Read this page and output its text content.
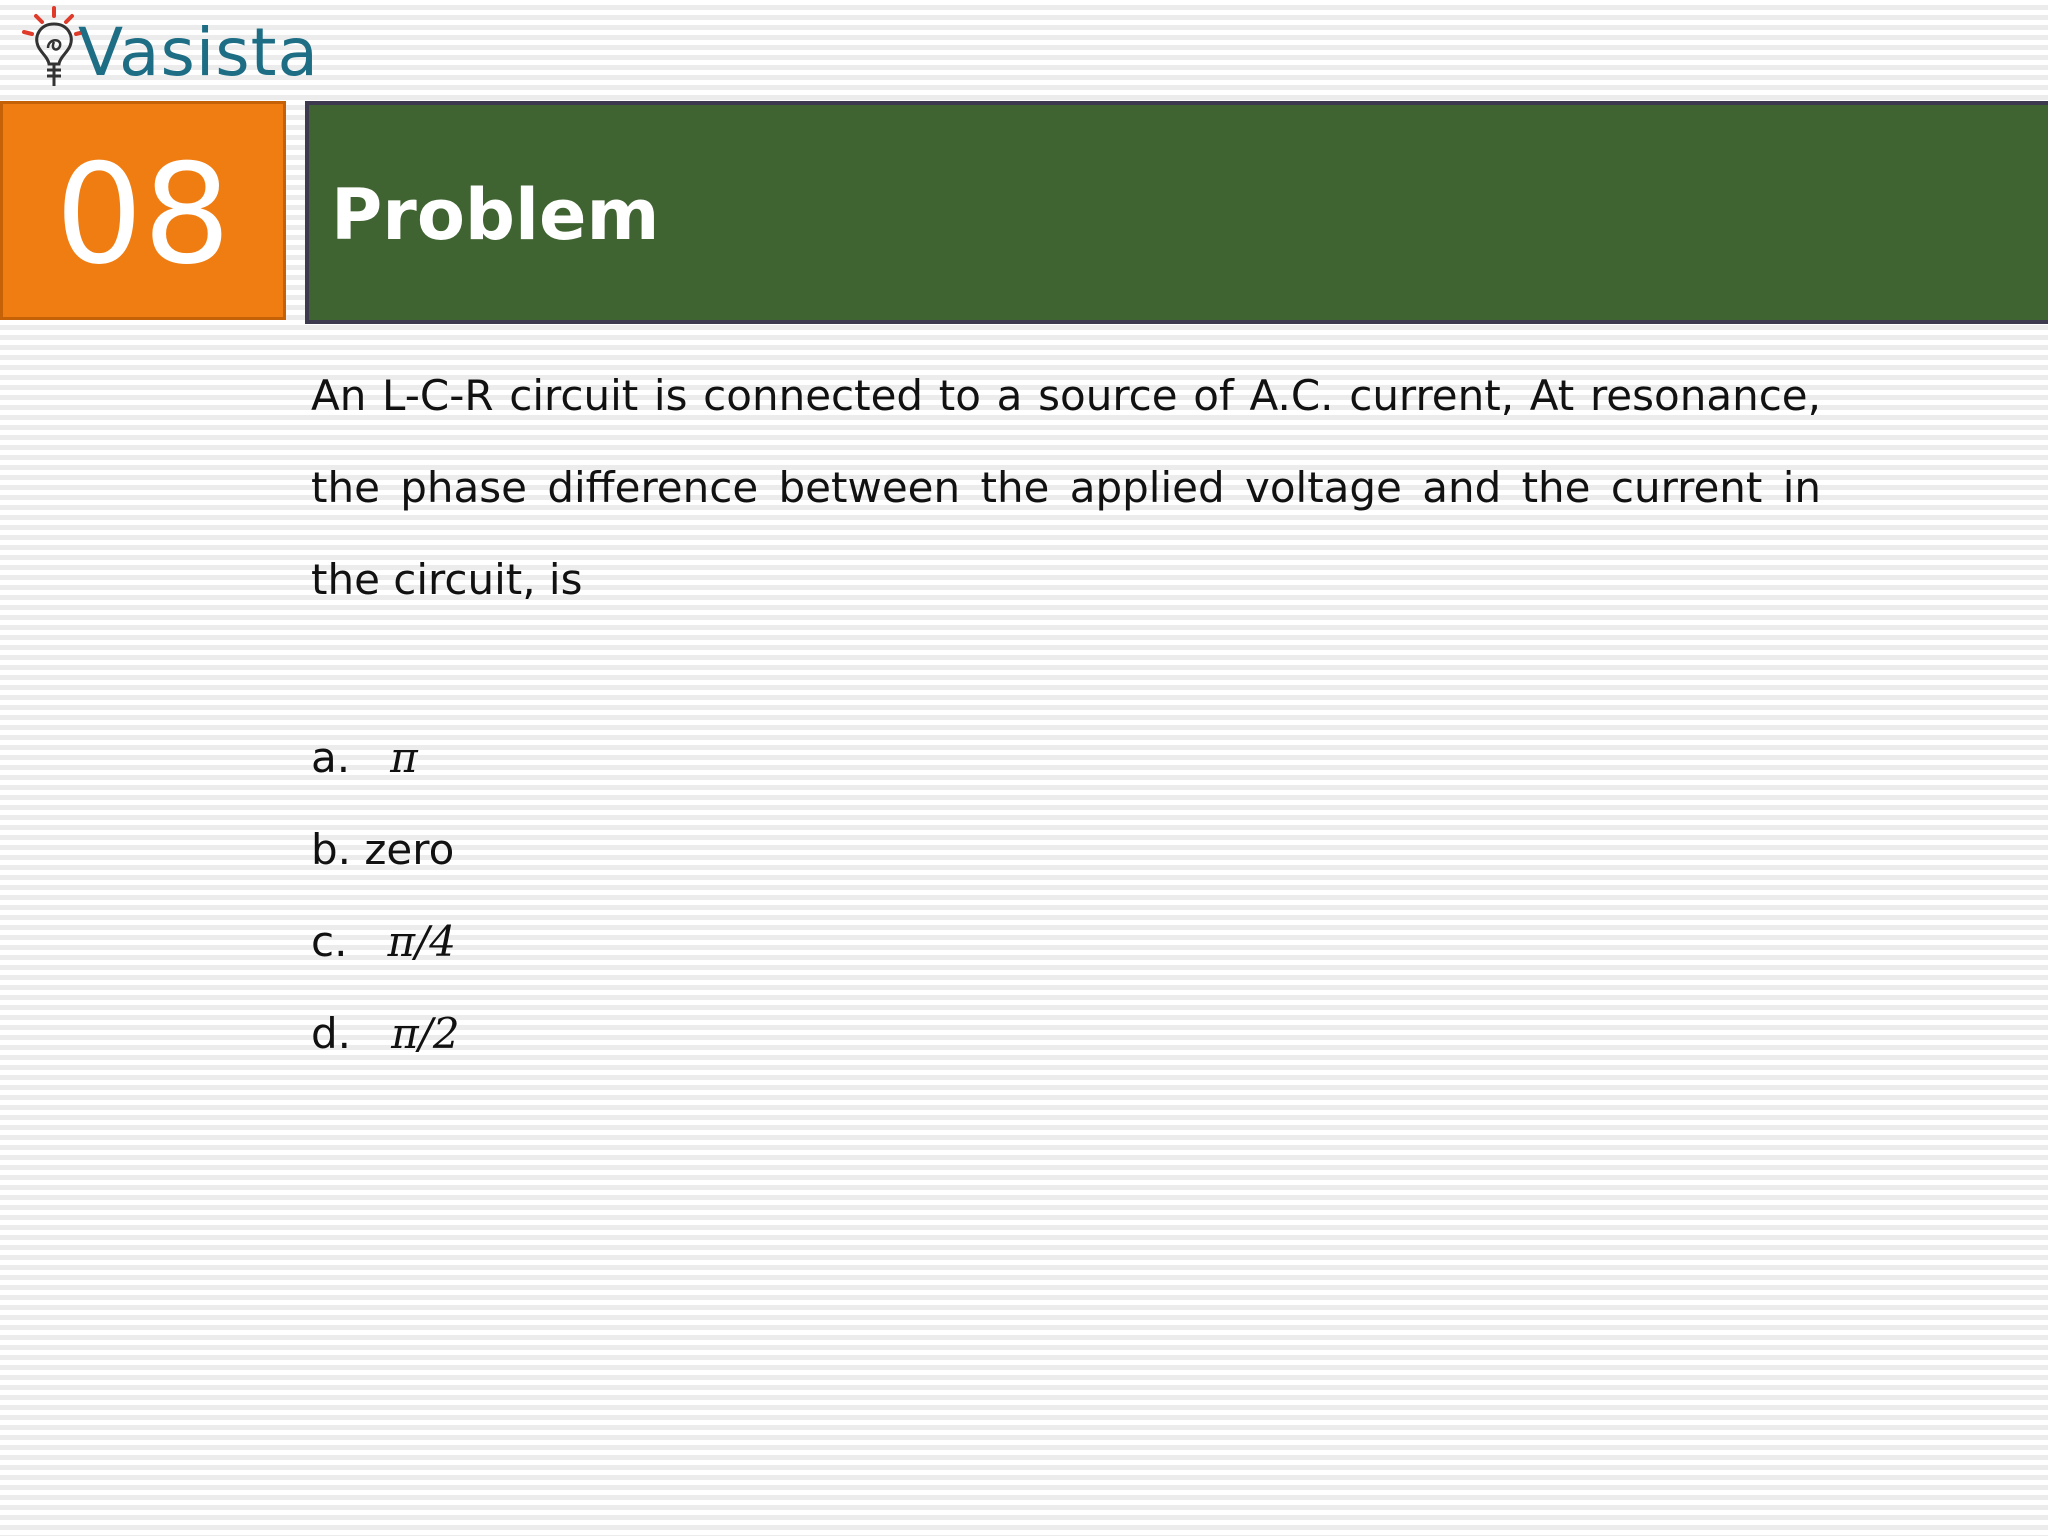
Vasista
08	Problem
An L-C-R circuit is connected to a source of A.C. current, At resonance, the phase difference between the applied voltage and the current in the circuit, is
a. π
b. zero
c. π/4
d. π/2
